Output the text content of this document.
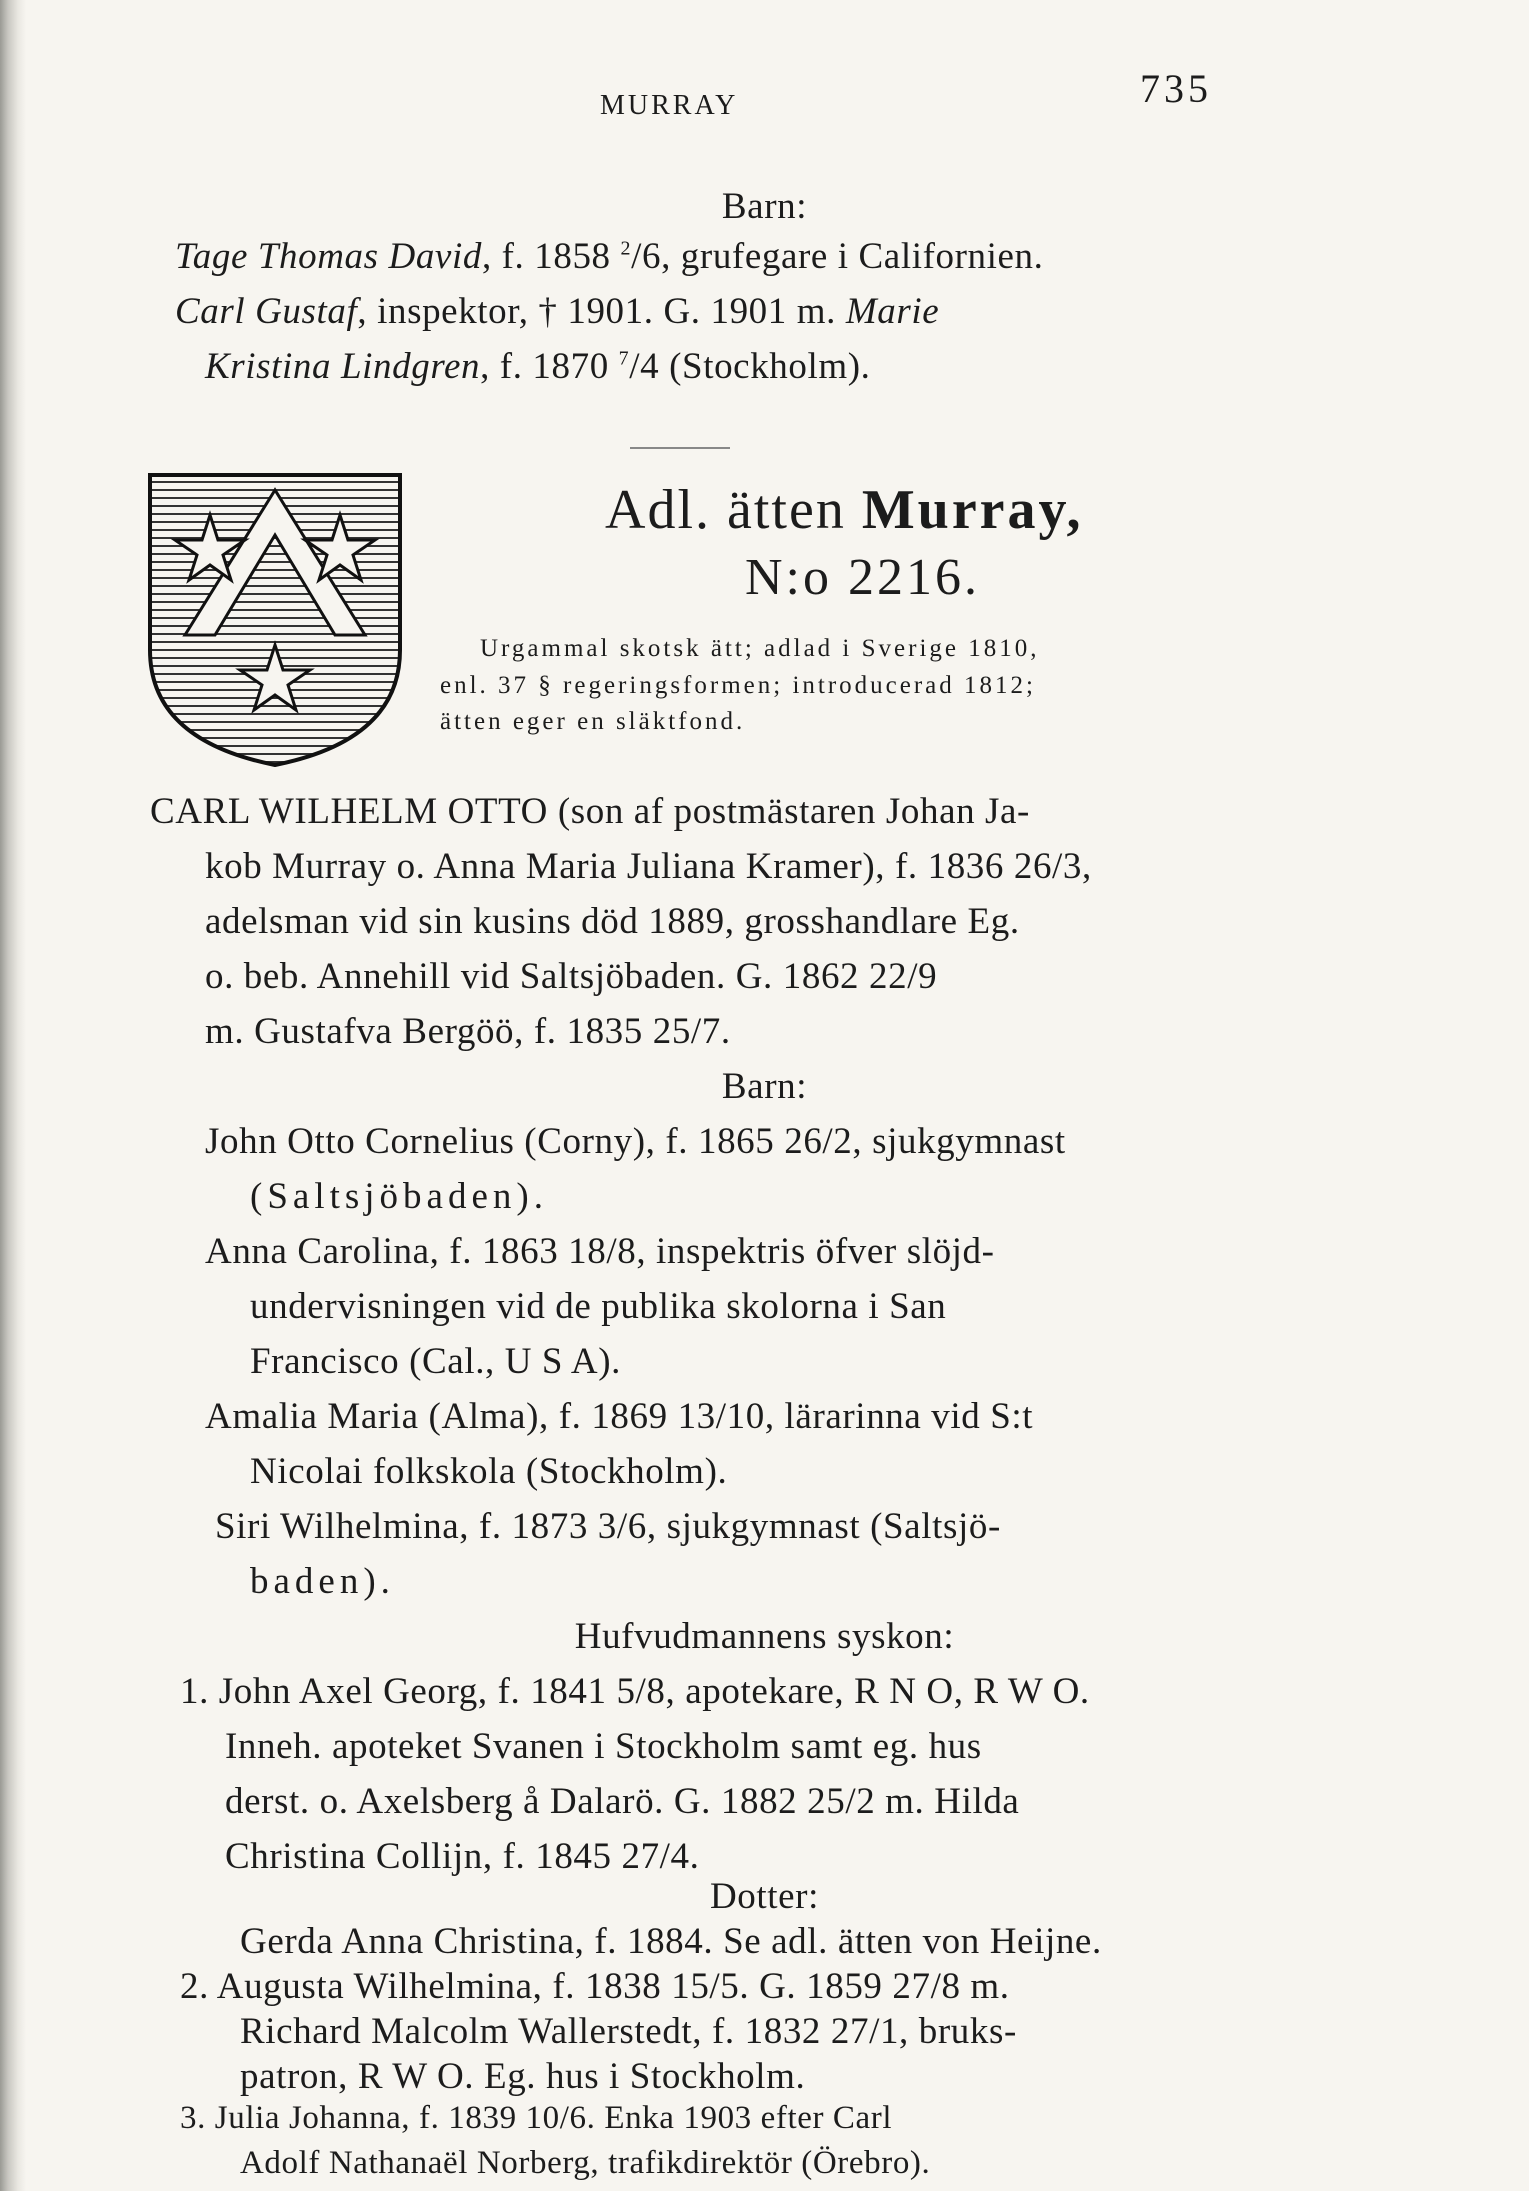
MURRAY	735
Barn:
Tage Thomas David, f. 1858 $^2$/6, grufegare i Californien.
Carl Gustaf, inspektor, † 1901. G. 1901 m. Marie
Kristina Lindgren, f. 1870 $^7$/4 (Stockholm).
Adl. ätten Murray,
N:o 2216.
Urgammal skotsk ätt; adlad i Sverige 1810,
enl. 37 § regeringsformen; introducerad 1812;
ätten eger en släktfond.
CARL WILHELM OTTO (son af postmästaren Johan Ja-
kob Murray o. Anna Maria Juliana Kramer), f. 1836 26/3,
adelsman vid sin kusins död 1889, grosshandlare Eg.
o. beb. Annehill vid Saltsjöbaden. G. 1862 22/9
m. Gustafva Bergöö, f. 1835 25/7.
Barn:
John Otto Cornelius (Corny), f. 1865 26/2, sjukgymnast
(Saltsjöbaden).
Anna Carolina, f. 1863 18/8, inspektris öfver slöjd-
undervisningen vid de publika skolorna i San
Francisco (Cal., U S A).
Amalia Maria (Alma), f. 1869 13/10, lärarinna vid S:t
Nicolai folkskola (Stockholm).
Siri Wilhelmina, f. 1873 3/6, sjukgymnast (Saltsjö-
baden).
Hufvudmannens syskon:
1. John Axel Georg, f. 1841 5/8, apotekare, R N O, R W O.
Inneh. apoteket Svanen i Stockholm samt eg. hus
derst. o. Axelsberg å Dalarö. G. 1882 25/2 m. Hilda
Christina Collijn, f. 1845 27/4.
Dotter:
Gerda Anna Christina, f. 1884. Se adl. ätten von Heijne.
2. Augusta Wilhelmina, f. 1838 15/5. G. 1859 27/8 m.
Richard Malcolm Wallerstedt, f. 1832 27/1, bruks-
patron, R W O. Eg. hus i Stockholm.
3. Julia Johanna, f. 1839 10/6. Enka 1903 efter Carl
Adolf Nathanaël Norberg, trafikdirektör (Örebro).
